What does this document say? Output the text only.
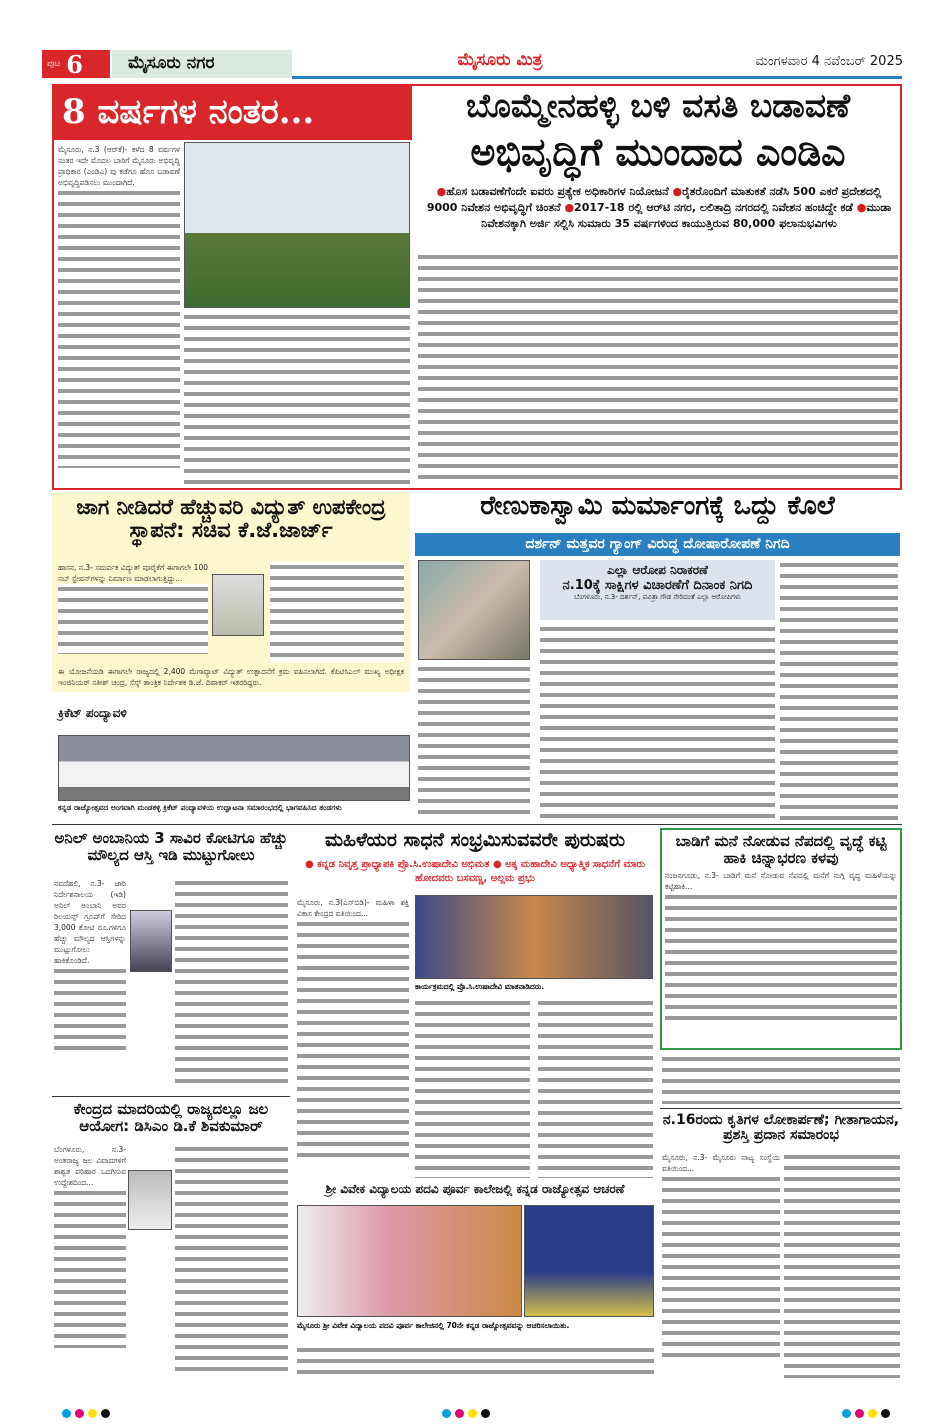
ಪುಟ 6	ಮೈಸೂರು ನಗರ	ಮೈಸೂರು ಮಿತ್ರ	ಮಂಗಳವಾರ 4 ನವೆಂಬರ್ 2025
8 ವರ್ಷಗಳ ನಂತರ...	ಬೊಮ್ಮೇನಹಳ್ಳಿ ಬಳಿ ವಸತಿ ಬಡಾವಣೆ
ಅಭಿವೃದ್ಧಿಗೆ ಮುಂದಾದ ಎಂಡಿಎ
●ಹೊಸ ಬಡಾವಣೆಗೆಂದೇ ಐವರು ಪ್ರತ್ಯೇಕ ಅಧಿಕಾರಿಗಳ ನಿಯೋಜನೆ ●ರೈತರೊಂದಿಗೆ ಮಾತುಕತೆ ನಡೆಸಿ 500 ಎಕರೆ ಪ್ರದೇಶದಲ್ಲಿ 9000 ನಿವೇಶನ ಅಭಿವೃದ್ಧಿಗೆ ಚಿಂತನೆ ●2017-18 ರಲ್ಲಿ ಆರ್‌ಟಿ ನಗರ, ಲಲಿತಾದ್ರಿ ನಗರದಲ್ಲಿ ನಿವೇಶನ ಹಂಚಿದ್ದೇ ಕಡೆ ●ಮುಡಾ ನಿವೇಶನಕ್ಕಾಗಿ ಅರ್ಜಿ ಸಲ್ಲಿಸಿ ಸುಮಾರು 35 ವರ್ಷಗಳಿಂದ ಕಾಯುತ್ತಿರುವ 80,000 ಫಲಾನುಭವಿಗಳು

ಮೈಸೂರು, ನ.3 (ಆರ್‌ಕೆ)- ಕಳೆದ 8 ವರ್ಷಗಳ ನಂತರ ಇದೇ ಮೊದಲ ಬಾರಿಗೆ ಮೈಸೂರು ಅಭಿವೃದ್ಧಿ ಪ್ರಾಧಿಕಾರ (ಎಂಡಿಎ) ವು ಕಡೆಗೂ ಹೊಸ ಬಡಾವಣೆ ಅಭಿವೃದ್ಧಿಪಡಿಸಲು ಮುಂದಾಗಿದೆ.

ಜಾಗ ನೀಡಿದರೆ ಹೆಚ್ಚುವರಿ ವಿದ್ಯುತ್ ಉಪಕೇಂದ್ರ ಸ್ಥಾಪನೆ: ಸಚಿವ ಕೆ.ಜೆ.ಜಾರ್ಜ್

ಹಾಸನ, ನ.3- ಸಮರ್ಪಕ ವಿದ್ಯುತ್ ಪೂರೈಕೆಗೆ ಈಗಾಗಲೇ 100 ಸಬ್ ಸ್ಟೇಷನ್‌ಗಳನ್ನು ನಿರ್ಮಾಣ ಮಾಡಲಾಗುತ್ತಿದ್ದು...

ಈ ಯೋಜನೆಯಡಿ ಈಗಾಗಲೇ ರಾಜ್ಯದಲ್ಲಿ 2,400 ಮೆಗಾವ್ಯಾಟ್ ವಿದ್ಯುತ್ ಉತ್ಪಾದನೆಗೆ ಕ್ರಮ ವಹಿಸಲಾಗಿದೆ. ಕೆಪಿಟಿಸಿಎಲ್ ಮುಖ್ಯ ಅಧೀಕ್ಷಕ ಇಂಜಿನಿಯರ್ ಸತೀಶ್ ಚಂದ್ರ, ಸೆಸ್ಕ್ ತಾಂತ್ರಿಕ ನಿರ್ದೇಶಕ ಡಿ.ಜೆ. ದಿವಾಕರ್ ಇತರರಿದ್ದರು.
ಕ್ರಿಕೆಟ್ ಪಂದ್ಯಾವಳಿ
ಕನ್ನಡ ರಾಜ್ಯೋತ್ಸವದ ಅಂಗವಾಗಿ ಮಂಡಕಳ್ಳಿ ಕ್ರಿಕೆಟ್ ಪಂದ್ಯಾವಳಿಯ ಉದ್ಘಾಟನಾ ಸಮಾರಂಭದಲ್ಲಿ ಭಾಗವಹಿಸಿದ ತಂಡಗಳು
ರೇಣುಕಾಸ್ವಾಮಿ ಮರ್ಮಾಂಗಕ್ಕೆ ಒದ್ದು ಕೊಲೆ
ದರ್ಶನ್ ಮತ್ತವರ ಗ್ಯಾಂಗ್ ವಿರುದ್ಧ ದೋಷಾರೋಪಣೆ ನಿಗದಿ
ಎಲ್ಲಾ ಆರೋಪ ನಿರಾಕರಣೆ
ನ.10ಕ್ಕೆ ಸಾಕ್ಷಿಗಳ ವಿಚಾರಣೆಗೆ ದಿನಾಂಕ ನಿಗದಿ
ಬೆಂಗಳೂರು, ನ.3- ದರ್ಶನ್, ಪವಿತ್ರಾ ಗೌಡ ಸೇರಿದಂತೆ ಎಲ್ಲಾ ಆರೋಪಿಗಳು
ಅನಿಲ್ ಅಂಬಾನಿಯ 3 ಸಾವಿರ ಕೋಟಿಗೂ ಹೆಚ್ಚು ಮೌಲ್ಯದ ಆಸ್ತಿ ಇಡಿ ಮುಟ್ಟುಗೋಲು

ನವದೆಹಲಿ, ನ.3- ಜಾರಿ ನಿರ್ದೇಶನಾಲಯ (ಇಡಿ) ಅನಿಲ್ ಅಂಬಾನಿ ಅವರ ರಿಲಯನ್ಸ್ ಗ್ರೂಪ್‌ಗೆ ಸೇರಿದ 3,000 ಕೋಟಿ ರೂ.ಗಳಿಗೂ ಹೆಚ್ಚು ಮೌಲ್ಯದ ಆಸ್ತಿಗಳನ್ನು ಮುಟ್ಟುಗೋಲು ಹಾಕಿಕೊಂಡಿದೆ.

ಕೇಂದ್ರದ ಮಾದರಿಯಲ್ಲಿ ರಾಜ್ಯದಲ್ಲೂ ಜಲ ಆಯೋಗ: ಡಿಸಿಎಂ ಡಿ.ಕೆ ಶಿವಕುಮಾರ್

ಬೆಂಗಳೂರು, ನ.3- ಅಂತರಾಜ್ಯ ಜಲ ವಿವಾದಗಳಿಗೆ ಶಾಶ್ವತ ಪರಿಹಾರ ಒದಗಿಸುವ ಉದ್ದೇಶದಿಂದ...

ಮಹಿಳೆಯರ ಸಾಧನೆ ಸಂಭ್ರಮಿಸುವವರೇ ಪುರುಷರು
● ಕನ್ನಡ ನಿವೃತ್ತ ಪ್ರಾಧ್ಯಾಪಕಿ ಪ್ರೊ.ಸಿ.ಉಷಾದೇವಿ ಅಭಿಮತ ● ಅಕ್ಕ ಮಹಾದೇವಿ ಅಧ್ಯಾತ್ಮಿಕ ಸಾಧನೆಗೆ ಮಾರು ಹೋದವರು ಬಸವಣ್ಣ, ಅಲ್ಲಮ ಪ್ರಭು

ಮೈಸೂರು, ನ.3(ಎಸ್‌ಬಿಡಿ)- ಮಹಿಳಾ ಶಕ್ತಿ ವಿಕಾಸ ಕೇಂದ್ರದ ವತಿಯಿಂದ...

ಕಾರ್ಯಕ್ರಮದಲ್ಲಿ ಪ್ರೊ.ಸಿ.ಉಷಾದೇವಿ ಮಾತನಾಡಿದರು.
ಶ್ರೀ ವಿವೇಕ ವಿದ್ಯಾಲಯ ಪದವಿ ಪೂರ್ವ ಕಾಲೇಜಲ್ಲಿ ಕನ್ನಡ ರಾಜ್ಯೋತ್ಸವ ಆಚರಣೆ
ಮೈಸೂರು ಶ್ರೀ ವಿವೇಕ ವಿದ್ಯಾಲಯ ಪದವಿ ಪೂರ್ವ ಕಾಲೇಜಿನಲ್ಲಿ 70ನೇ ಕನ್ನಡ ರಾಜ್ಯೋತ್ಸವವನ್ನು ಆಚರಿಸಲಾಯಿತು.
ಬಾಡಿಗೆ ಮನೆ ನೋಡುವ ನೆಪದಲ್ಲಿ ವೃದ್ಧೆ ಕಟ್ಟಿ ಹಾಕಿ ಚಿನ್ನಾಭರಣ ಕಳವು

ನಂಜನಗೂಡು, ನ.3- ಬಾಡಿಗೆ ಮನೆ ನೋಡುವ ನೆಪದಲ್ಲಿ ಮನೆಗೆ ನುಗ್ಗಿ ವೃದ್ಧ ಮಹಿಳೆಯನ್ನು ಕಟ್ಟಿಹಾಕಿ...

ನ.16ರಂದು ಕೃತಿಗಳ ಲೋಕಾರ್ಪಣೆ; ಗೀತಾಗಾಯನ, ಪ್ರಶಸ್ತಿ ಪ್ರದಾನ ಸಮಾರಂಭ

ಮೈಸೂರು, ನ.3- ಮೈಸೂರು ನಾಟ್ಯ ಸಂಸ್ಥೆಯ ವತಿಯಿಂದ...
